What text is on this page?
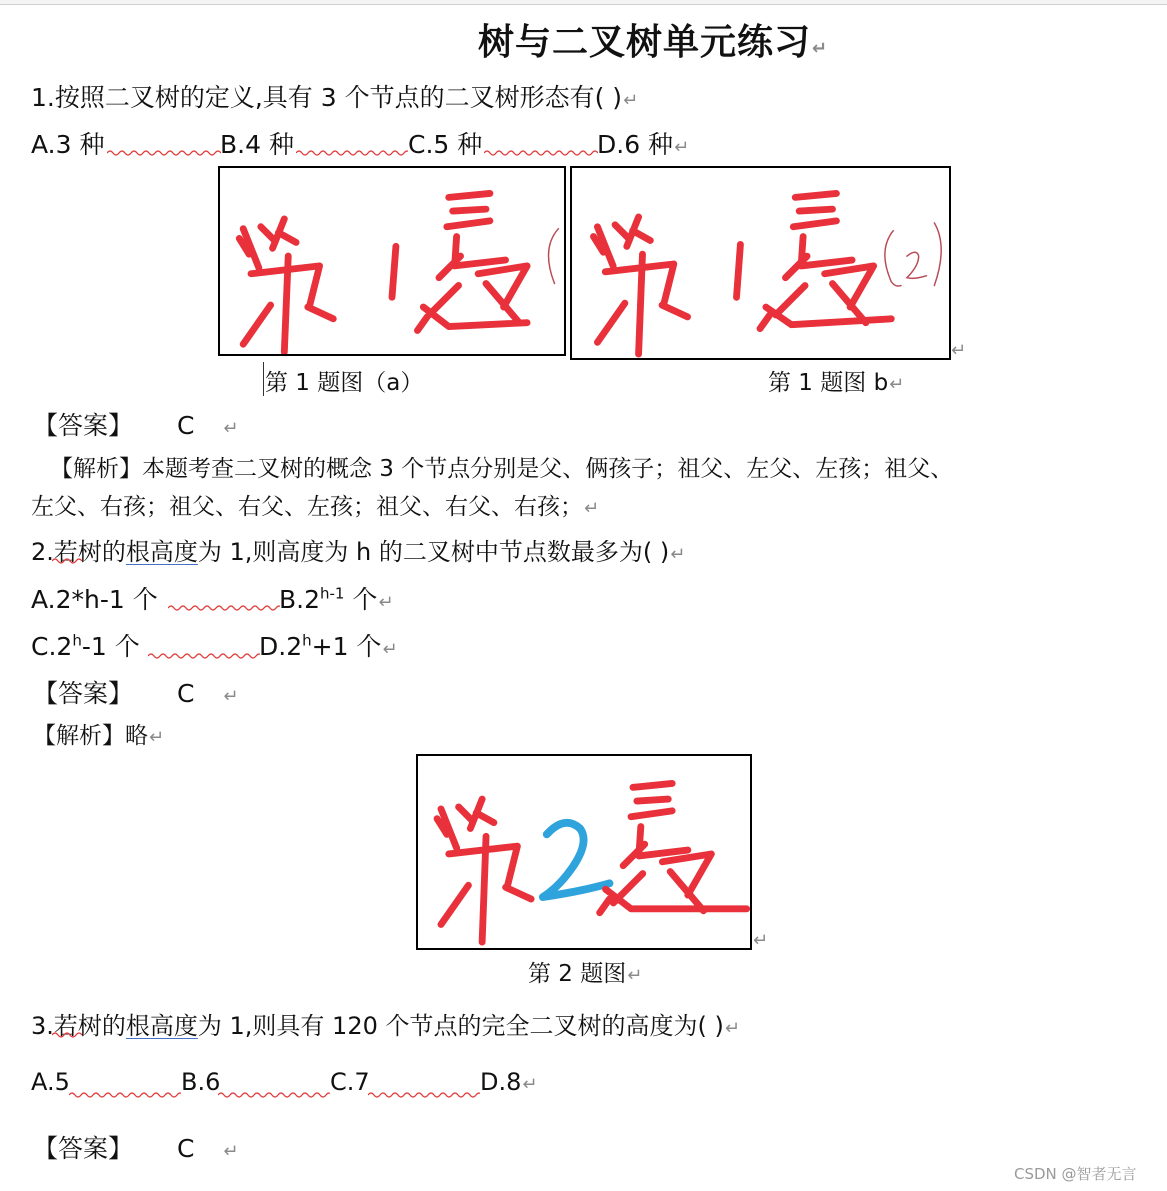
树与二叉树单元练习↵
1.按照二叉树的定义,具有 3 个节点的二叉树形态有( )↵
A.3 种	B.4 种	C.5 种	D.6 种↵
↵
第 1 题图（a）	第 1 题图 b↵
【答案】 C ↵
【解析】本题考查二叉树的概念 3 个节点分别是父、俩孩子；祖父、左父、左孩；祖父、
左父、右孩；祖父、右父、左孩；祖父、右父、右孩；↵
2.若树的根高度为 1,则高度为 h 的二叉树中节点数最多为( )↵
A.2*h-1 个	B.2$^{h-1}$ 个↵
C.2$^h$-1 个	D.2$^h$+1 个↵
【答案】 C ↵
【解析】略↵
↵
第 2 题图↵
3.若树的根高度为 1,则具有 120 个节点的完全二叉树的高度为( )↵
A.5	B.6	C.7	D.8↵
【答案】 C ↵
CSDN @智者无言
